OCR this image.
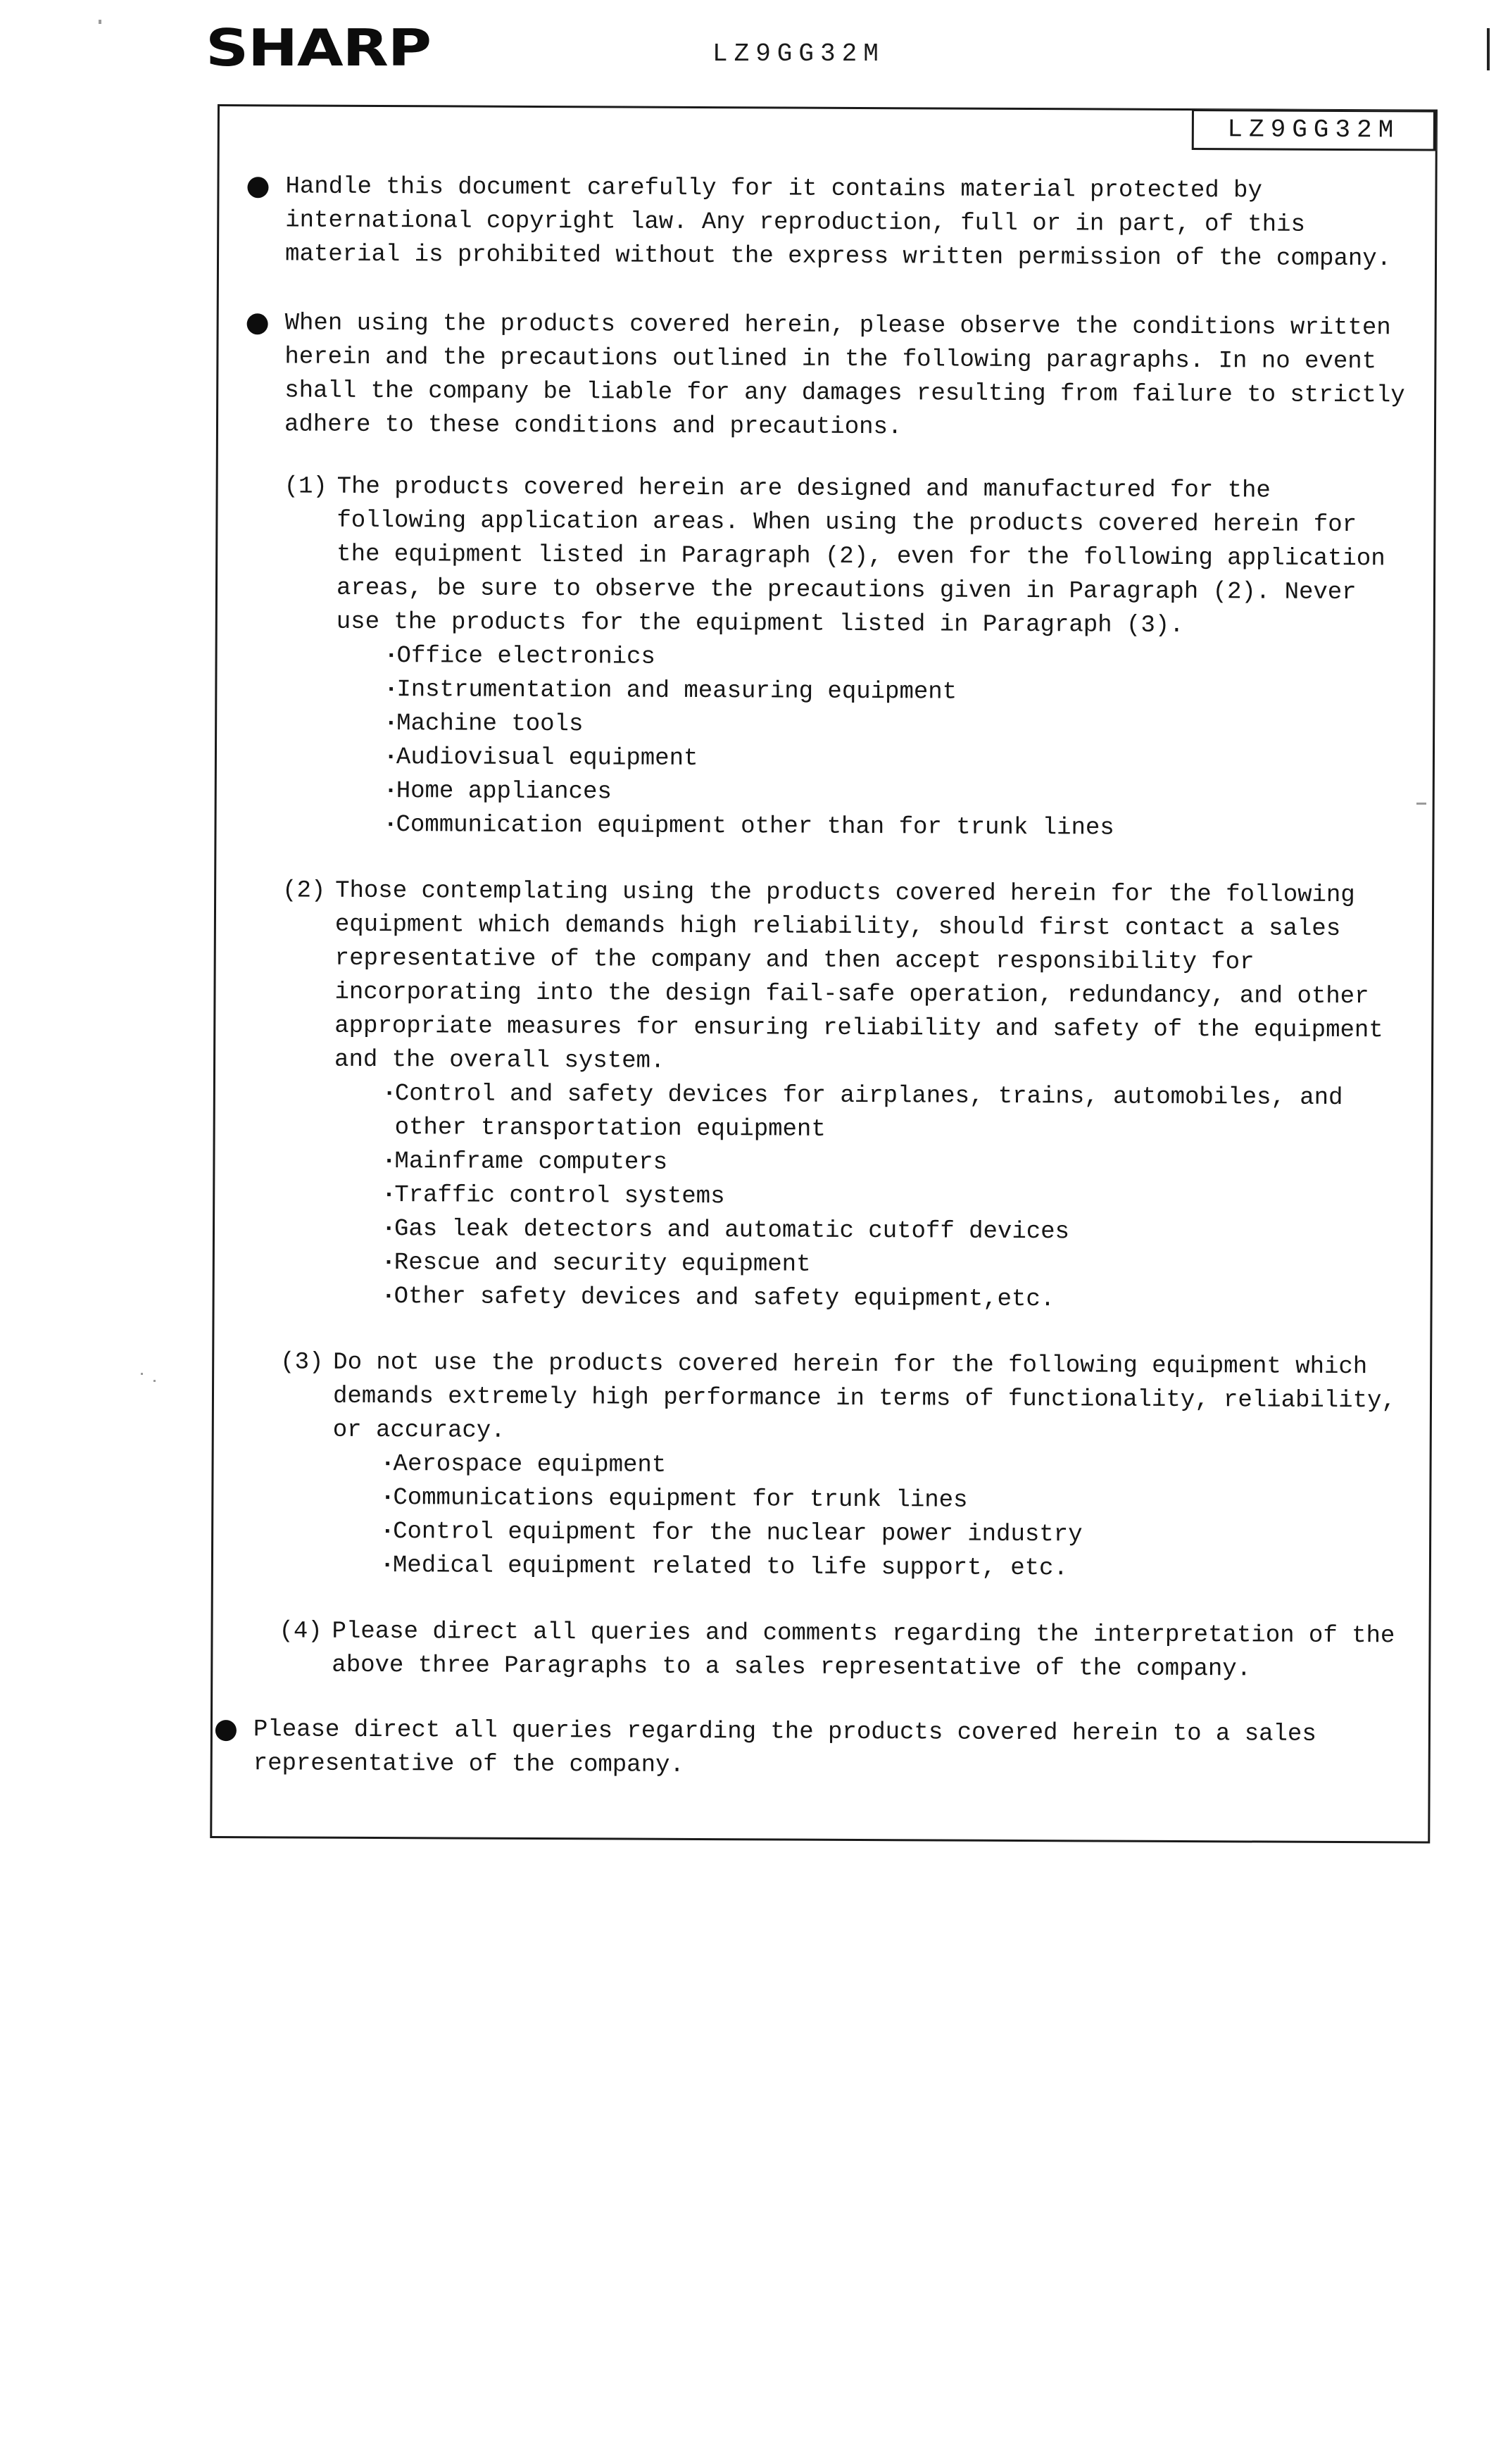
SHARP	LZ9GG32M
LZ9GG32M
Handle this document carefully for it contains material protected by international copyright law. Any reproduction, full or in part, of this material is prohibited without the express written permission of the company.
When using the products covered herein, please observe the conditions written herein and the precautions outlined in the following paragraphs. In no event shall the company be liable for any damages resulting from failure to strictly adhere to these conditions and precautions.
(1) The products covered herein are designed and manufactured for the following application areas. When using the products covered herein for the equipment listed in Paragraph (2), even for the following application areas, be sure to observe the precautions given in Paragraph (2). Never use the products for the equipment listed in Paragraph (3).
· Office electronics
· Instrumentation and measuring equipment
· Machine tools
· Audiovisual equipment
· Home appliances
· Communication equipment other than for trunk lines
(2) Those contemplating using the products covered herein for the following equipment which demands high reliability, should first contact a sales representative of the company and then accept responsibility for incorporating into the design fail-safe operation, redundancy, and other appropriate measures for ensuring reliability and safety of the equipment and the overall system.
· Control and safety devices for airplanes, trains, automobiles, and other transportation equipment
· Mainframe computers
· Traffic control systems
· Gas leak detectors and automatic cutoff devices
· Rescue and security equipment
· Other safety devices and safety equipment,etc.
(3) Do not use the products covered herein for the following equipment which demands extremely high performance in terms of functionality, reliability, or accuracy.
· Aerospace equipment
· Communications equipment for trunk lines
· Control equipment for the nuclear power industry
· Medical equipment related to life support, etc.
(4) Please direct all queries and comments regarding the interpretation of the above three Paragraphs to a sales representative of the company.
Please direct all queries regarding the products covered herein to a sales representative of the company.
